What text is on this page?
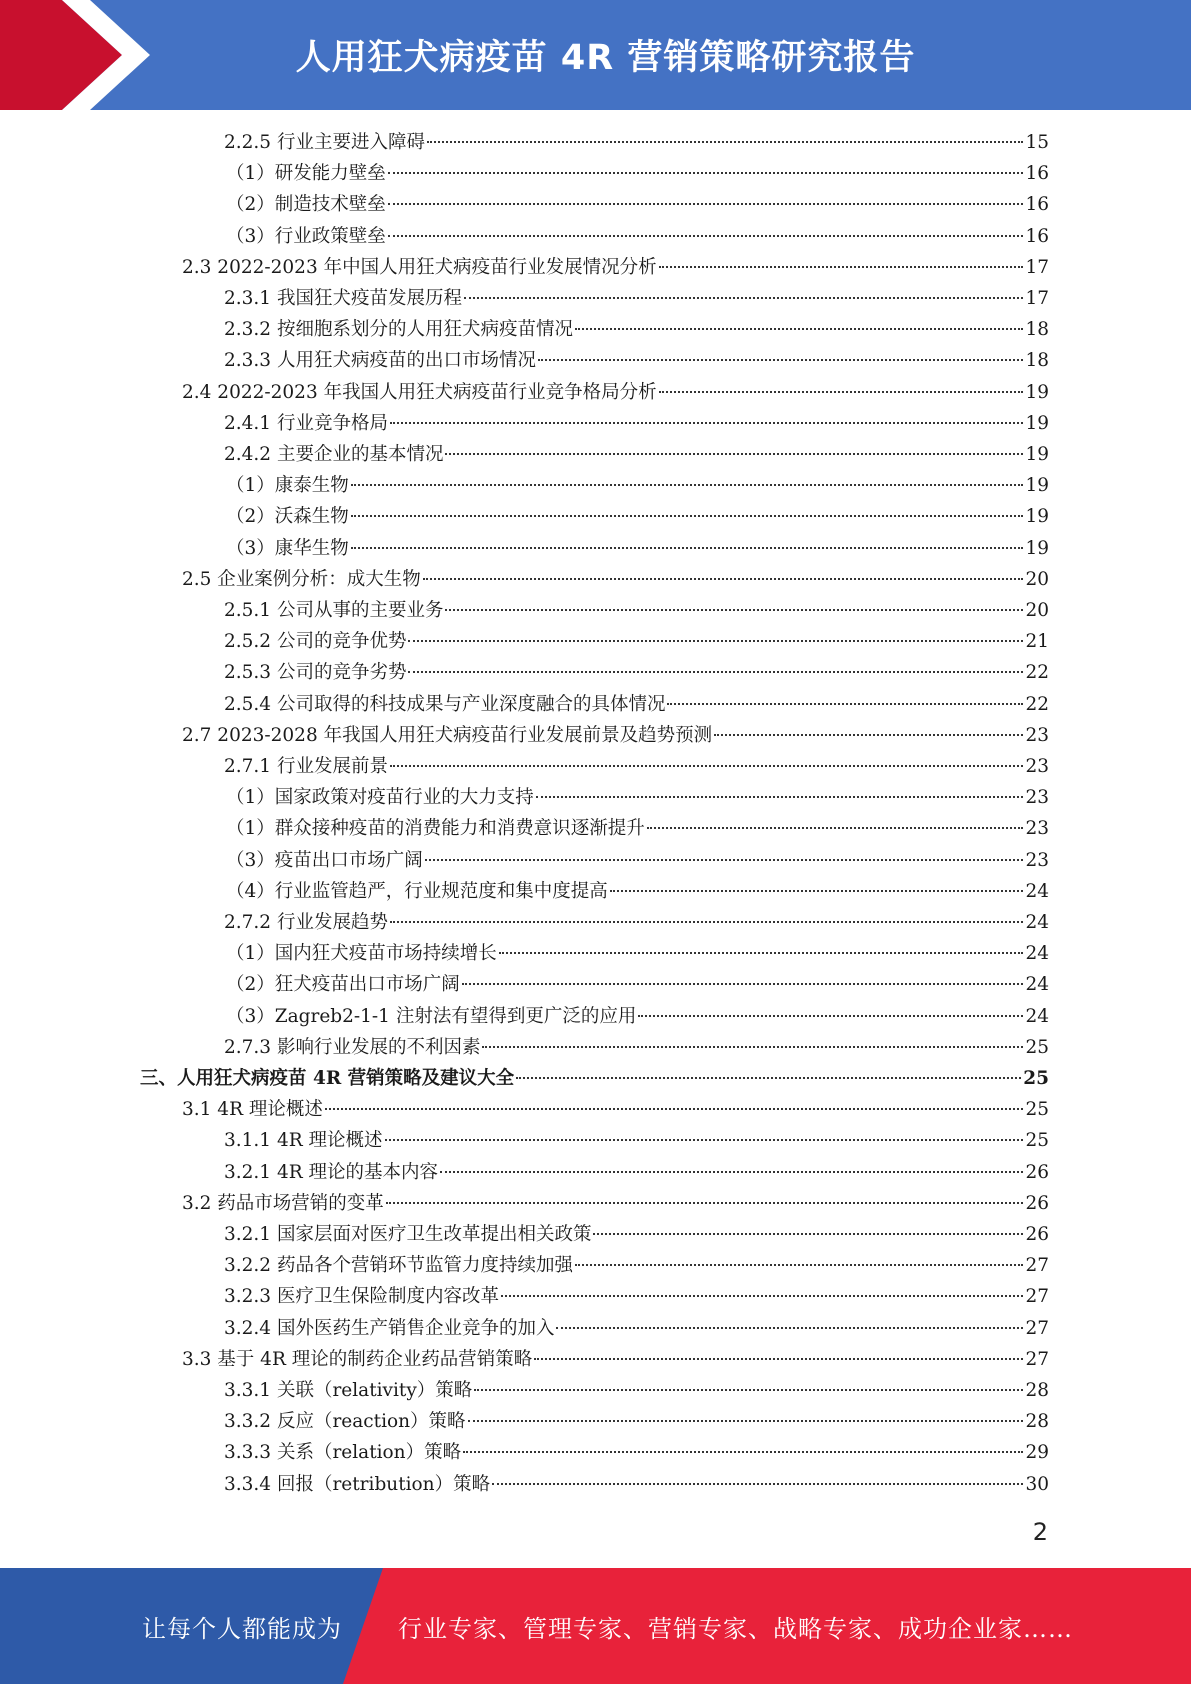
人用狂犬病疫苗 4R 营销策略研究报告
2.2.5 行业主要进入障碍	15
（1）研发能力壁垒	16
（2）制造技术壁垒	16
（3）行业政策壁垒	16
2.3 2022-2023 年中国人用狂犬病疫苗行业发展情况分析	17
2.3.1 我国狂犬疫苗发展历程	17
2.3.2 按细胞系划分的人用狂犬病疫苗情况	18
2.3.3 人用狂犬病疫苗的出口市场情况	18
2.4 2022-2023 年我国人用狂犬病疫苗行业竞争格局分析	19
2.4.1 行业竞争格局	19
2.4.2 主要企业的基本情况	19
（1）康泰生物	19
（2）沃森生物	19
（3）康华生物	19
2.5 企业案例分析：成大生物	20
2.5.1 公司从事的主要业务	20
2.5.2 公司的竞争优势	21
2.5.3 公司的竞争劣势	22
2.5.4 公司取得的科技成果与产业深度融合的具体情况	22
2.7 2023-2028 年我国人用狂犬病疫苗行业发展前景及趋势预测	23
2.7.1 行业发展前景	23
（1）国家政策对疫苗行业的大力支持	23
（1）群众接种疫苗的消费能力和消费意识逐渐提升	23
（3）疫苗出口市场广阔	23
（4）行业监管趋严，行业规范度和集中度提高	24
2.7.2 行业发展趋势	24
（1）国内狂犬疫苗市场持续增长	24
（2）狂犬疫苗出口市场广阔	24
（3）Zagreb2-1-1 注射法有望得到更广泛的应用	24
2.7.3 影响行业发展的不利因素	25
三、人用狂犬病疫苗 4R 营销策略及建议大全	25
3.1 4R 理论概述	25
3.1.1 4R 理论概述	25
3.2.1 4R 理论的基本内容	26
3.2 药品市场营销的变革	26
3.2.1 国家层面对医疗卫生改革提出相关政策	26
3.2.2 药品各个营销环节监管力度持续加强	27
3.2.3 医疗卫生保险制度内容改革	27
3.2.4 国外医药生产销售企业竞争的加入	27
3.3 基于 4R 理论的制药企业药品营销策略	27
3.3.1 关联（relativity）策略	28
3.3.2 反应（reaction）策略	28
3.3.3 关系（relation）策略	29
3.3.4 回报（retribution）策略	30
2
让每个人都能成为 行业专家、管理专家、营销专家、战略专家、成功企业家……
